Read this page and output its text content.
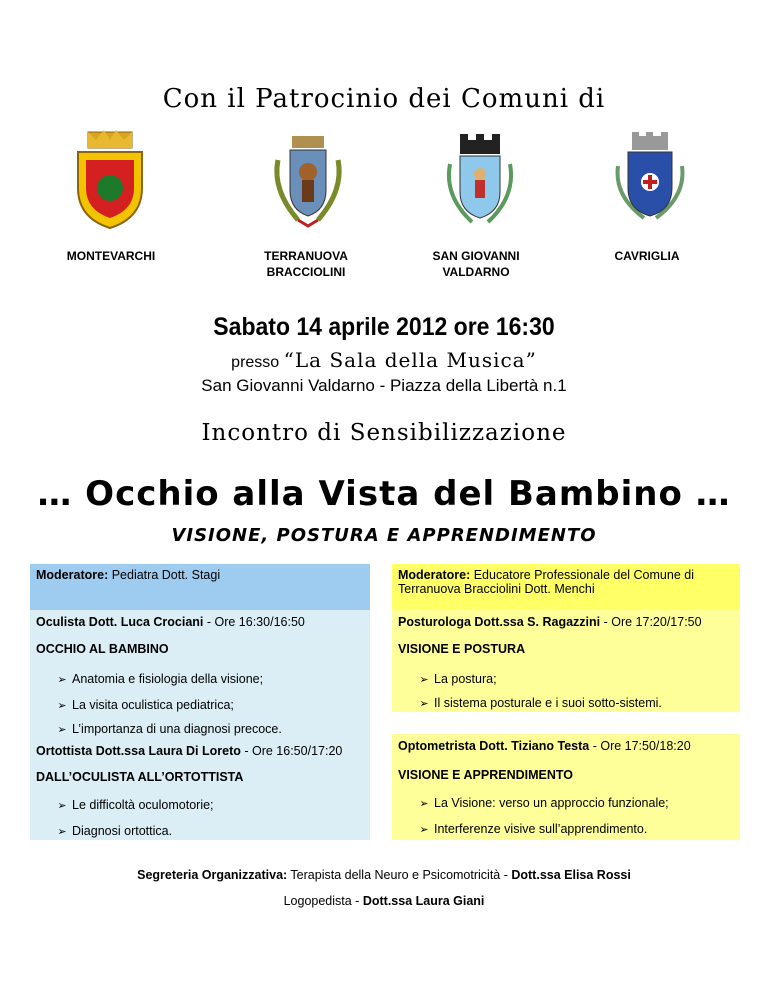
Con il Patrocinio dei Comuni di
MONTEVARCHI	TERRANUOVA BRACCIOLINI
SAN GIOVANNI VALDARNO
CAVRIGLIA
Sabato 14 aprile 2012 ore 16:30
presso “La Sala della Musica”
San Giovanni Valdarno - Piazza della Libertà n.1
Incontro di Sensibilizzazione
… Occhio alla Vista del Bambino …
VISIONE, POSTURA E APPRENDIMENTO
Moderatore: Pediatra Dott. Stagi
Oculista Dott. Luca Crociani - Ore 16:30/16:50
OCCHIO AL BAMBINO
➢ Anatomia e fisiologia della visione;
➢ La visita oculistica pediatrica;
➢ L’importanza di una diagnosi precoce.
Ortottista Dott.ssa Laura Di Loreto - Ore 16:50/17:20
DALL’OCULISTA ALL’ORTOTTISTA
➢ Le difficoltà oculomotorie;
➢ Diagnosi ortottica.
Moderatore: Educatore Professionale del Comune di Terranuova Bracciolini Dott. Menchi
Posturologa Dott.ssa S. Ragazzini - Ore 17:20/17:50
VISIONE E POSTURA
➢ La postura;
➢ Il sistema posturale e i suoi sotto-sistemi.
Optometrista Dott. Tiziano Testa - Ore 17:50/18:20
VISIONE E APPRENDIMENTO
➢ La Visione: verso un approccio funzionale;
➢ Interferenze visive sull’apprendimento.
Segreteria Organizzativa: Terapista della Neuro e Psicomotricità - Dott.ssa Elisa Rossi
Logopedista - Dott.ssa Laura Giani
